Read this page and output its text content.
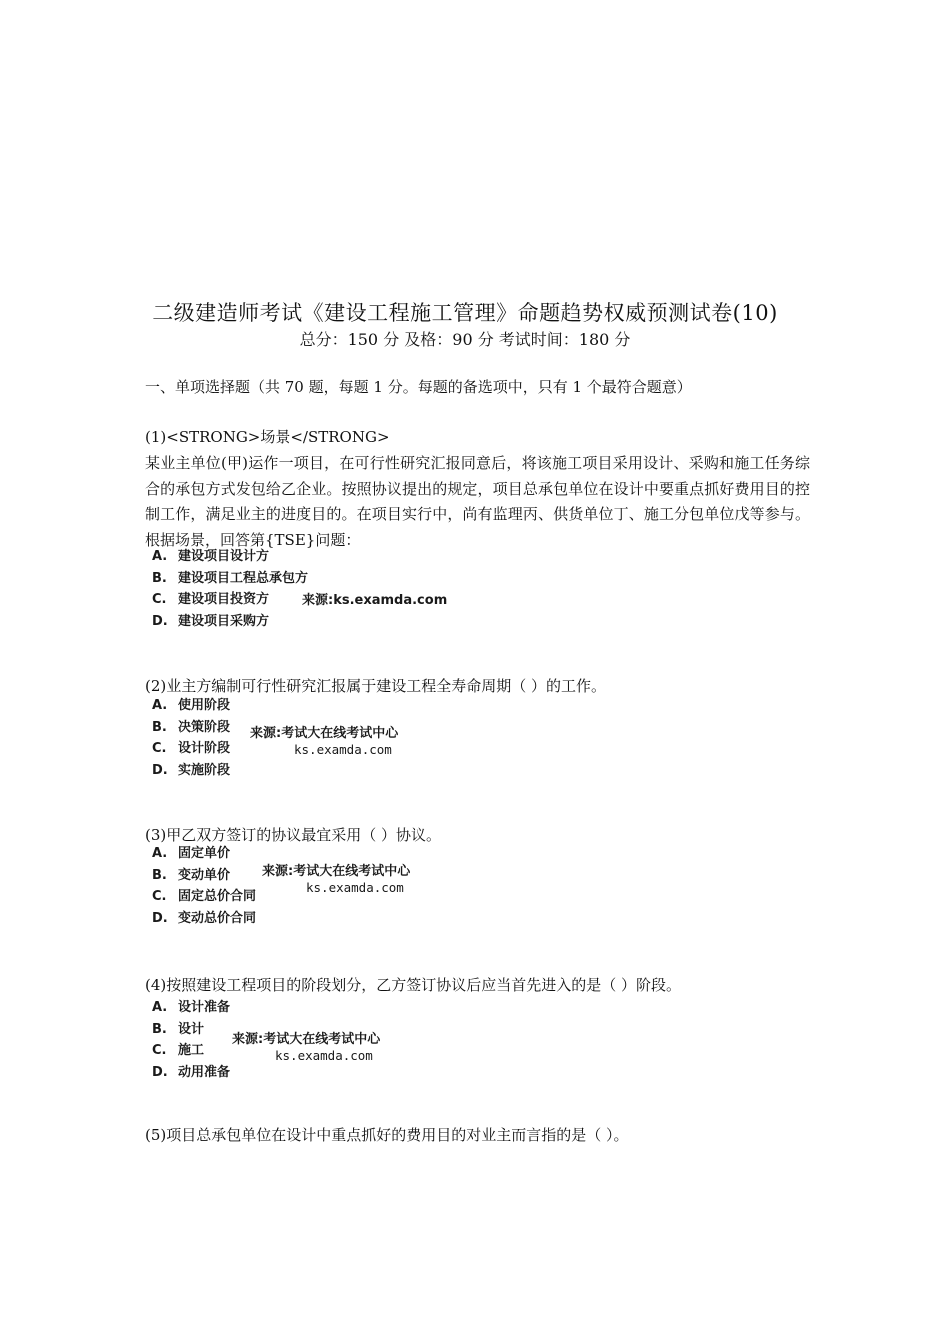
二级建造师考试《建设工程施工管理》命题趋势权威预测试卷(10)
总分：150 分 及格：90 分 考试时间：180 分
一、单项选择题（共 70 题，每题 1 分。每题的备选项中，只有 1 个最符合题意）
(1)<STRONG>场景</STRONG>
某业主单位(甲)运作一项目，在可行性研究汇报同意后，将该施工项目采用设计、采购和施工任务综合的承包方式发包给乙企业。按照协议提出的规定，项目总承包单位在设计中要重点抓好费用目的控制工作，满足业主的进度目的。在项目实行中，尚有监理丙、供货单位丁、施工分包单位戊等参与。 根据场景，回答第{TSE}问题：
A. 建设项目设计方
B. 建设项目工程总承包方
C. 建设项目投资方
D. 建设项目采购方
来源:ks.examda.com
(2)业主方编制可行性研究汇报属于建设工程全寿命周期（ ）的工作。
A. 使用阶段
B. 决策阶段
C. 设计阶段
D. 实施阶段
来源:考试大在线考试中心
ks.examda.com
(3)甲乙双方签订的协议最宜采用（ ）协议。
A. 固定单价
B. 变动单价
C. 固定总价合同
D. 变动总价合同
来源:考试大在线考试中心
ks.examda.com
(4)按照建设工程项目的阶段划分，乙方签订协议后应当首先进入的是（ ）阶段。
A. 设计准备
B. 设计
C. 施工
D. 动用准备
来源:考试大在线考试中心
ks.examda.com
(5)项目总承包单位在设计中重点抓好的费用目的对业主而言指的是（ ）。
